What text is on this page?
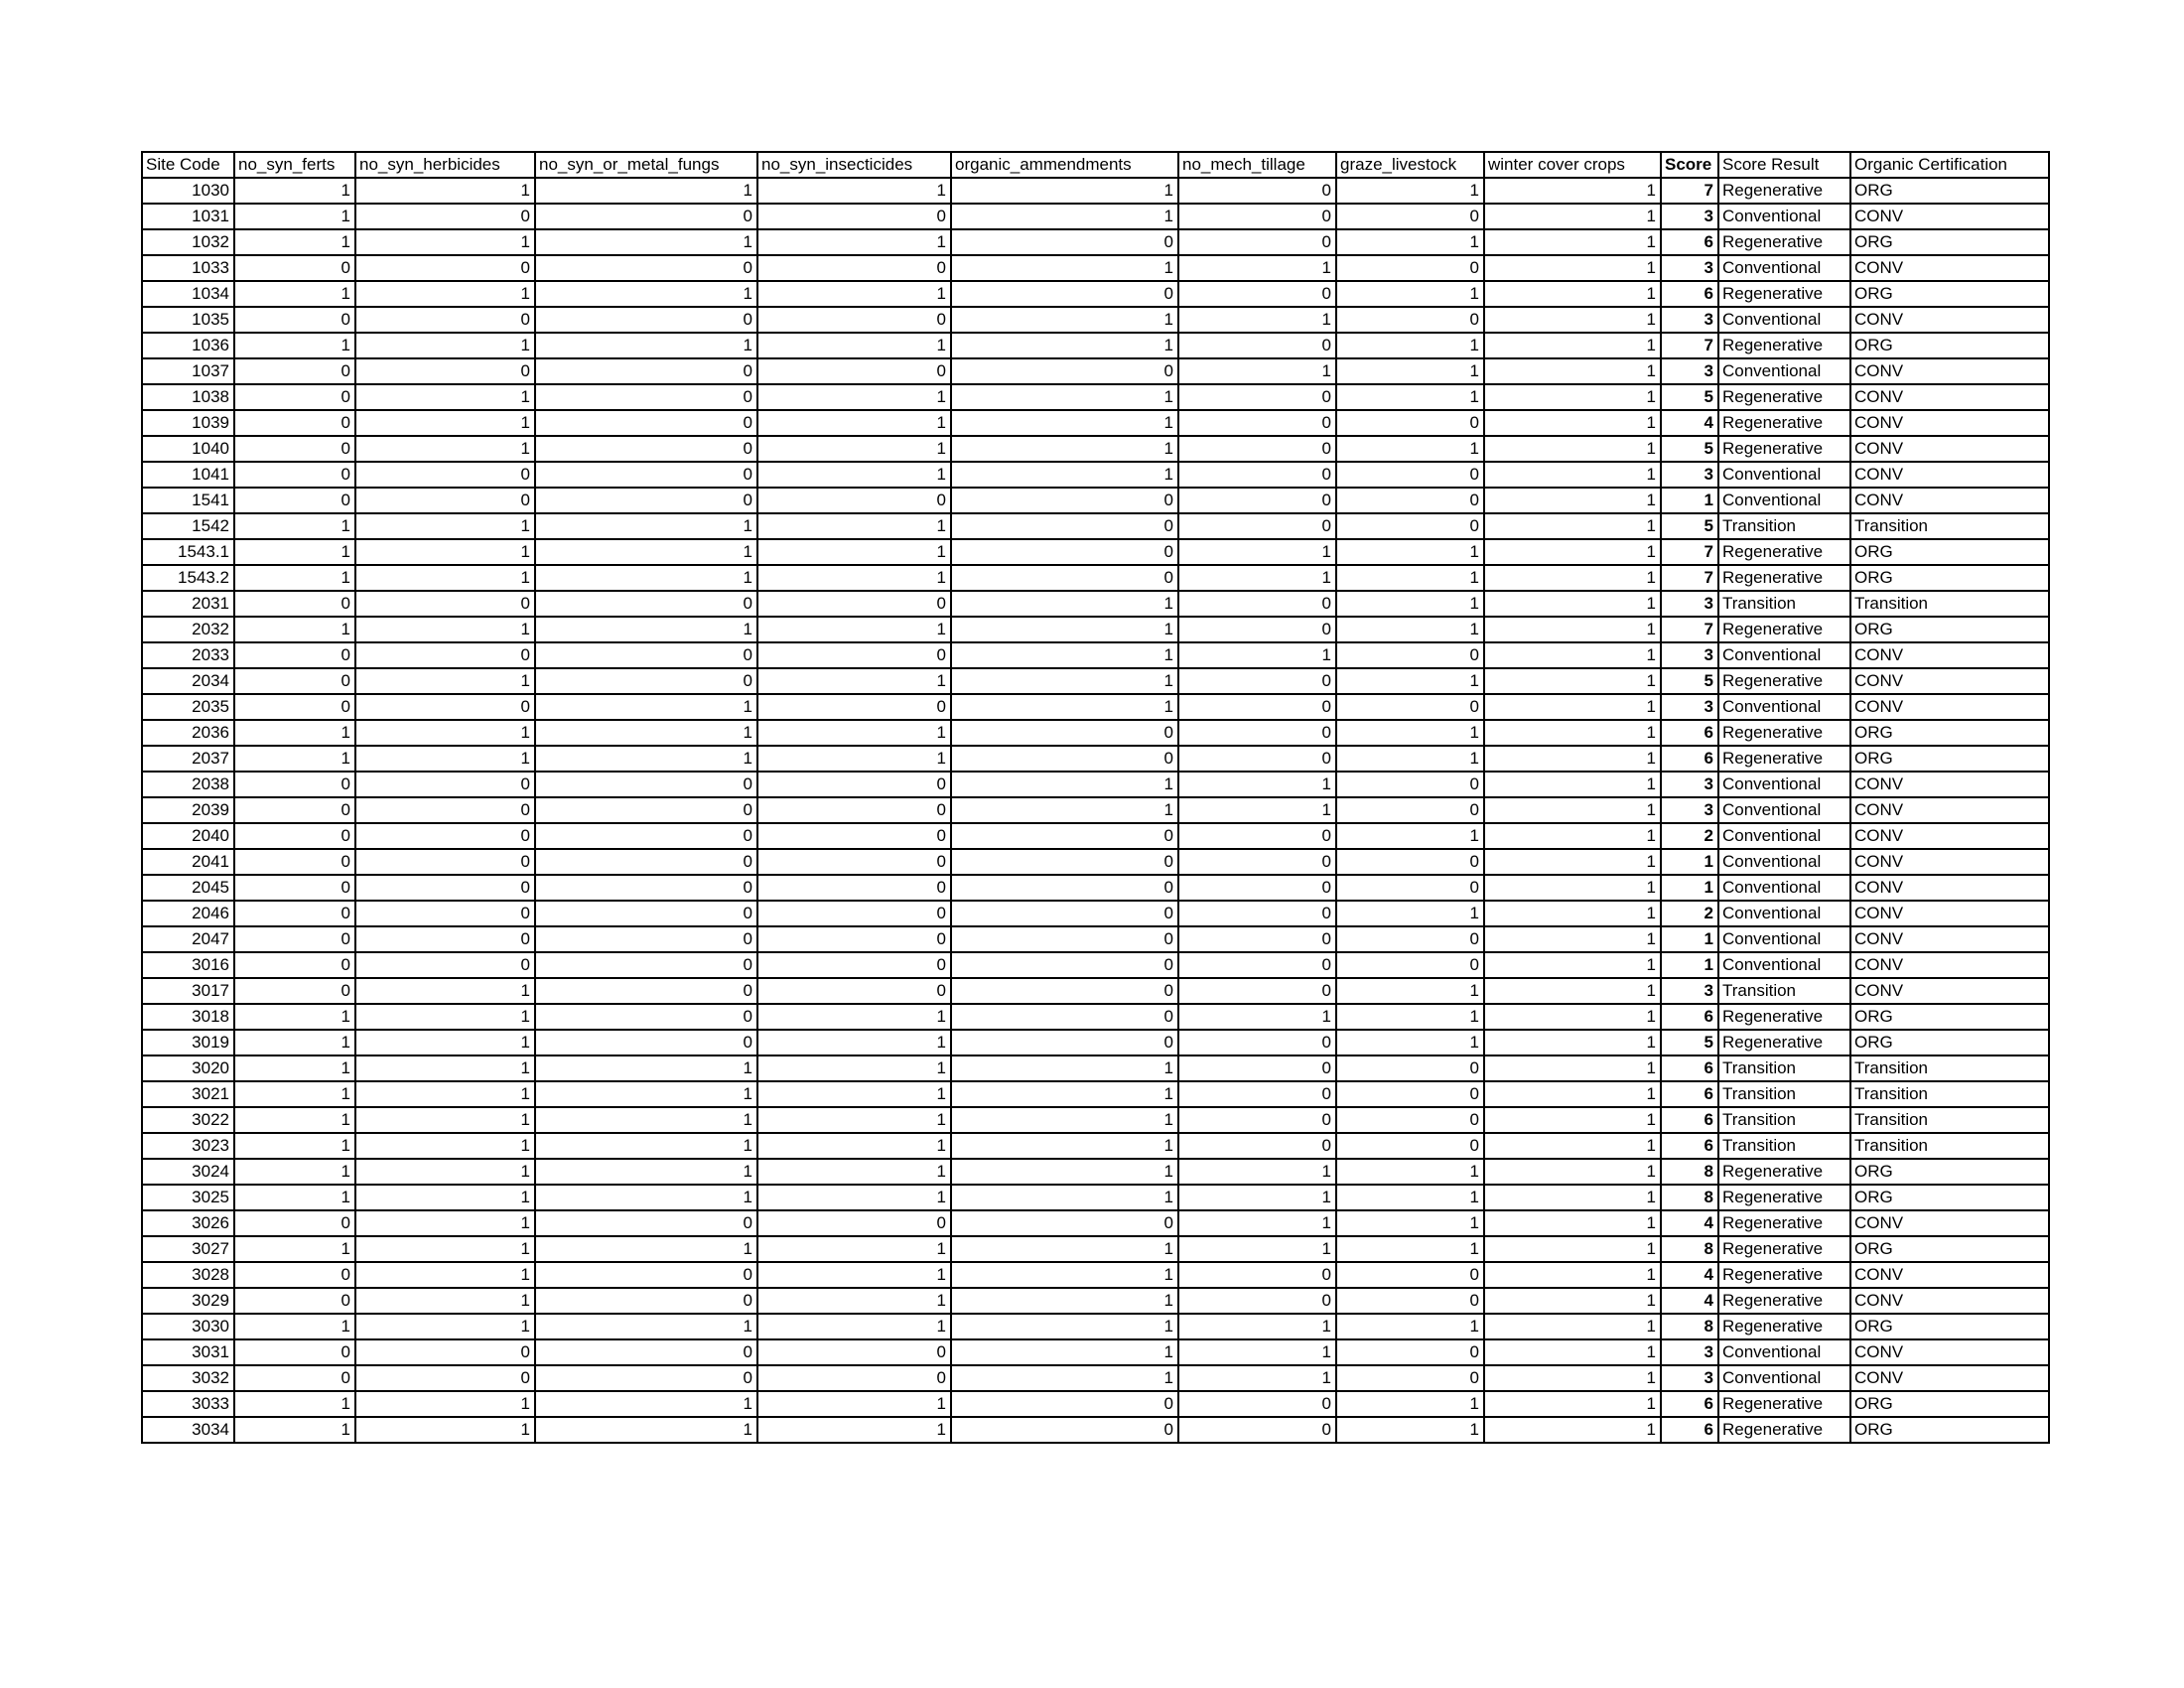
Site Code	no_syn_ferts	no_syn_herbicides	no_syn_or_metal_fungs	no_syn_insecticides	organic_ammendments	no_mech_tillage	graze_livestock	winter cover crops	Score	Score Result	Organic Certification
1030	1	1	1	1	1	0	1	1	7	Regenerative	ORG
1031	1	0	0	0	1	0	0	1	3	Conventional	CONV
1032	1	1	1	1	0	0	1	1	6	Regenerative	ORG
1033	0	0	0	0	1	1	0	1	3	Conventional	CONV
1034	1	1	1	1	0	0	1	1	6	Regenerative	ORG
1035	0	0	0	0	1	1	0	1	3	Conventional	CONV
1036	1	1	1	1	1	0	1	1	7	Regenerative	ORG
1037	0	0	0	0	0	1	1	1	3	Conventional	CONV
1038	0	1	0	1	1	0	1	1	5	Regenerative	CONV
1039	0	1	0	1	1	0	0	1	4	Regenerative	CONV
1040	0	1	0	1	1	0	1	1	5	Regenerative	CONV
1041	0	0	0	1	1	0	0	1	3	Conventional	CONV
1541	0	0	0	0	0	0	0	1	1	Conventional	CONV
1542	1	1	1	1	0	0	0	1	5	Transition	Transition
1543.1	1	1	1	1	0	1	1	1	7	Regenerative	ORG
1543.2	1	1	1	1	0	1	1	1	7	Regenerative	ORG
2031	0	0	0	0	1	0	1	1	3	Transition	Transition
2032	1	1	1	1	1	0	1	1	7	Regenerative	ORG
2033	0	0	0	0	1	1	0	1	3	Conventional	CONV
2034	0	1	0	1	1	0	1	1	5	Regenerative	CONV
2035	0	0	1	0	1	0	0	1	3	Conventional	CONV
2036	1	1	1	1	0	0	1	1	6	Regenerative	ORG
2037	1	1	1	1	0	0	1	1	6	Regenerative	ORG
2038	0	0	0	0	1	1	0	1	3	Conventional	CONV
2039	0	0	0	0	1	1	0	1	3	Conventional	CONV
2040	0	0	0	0	0	0	1	1	2	Conventional	CONV
2041	0	0	0	0	0	0	0	1	1	Conventional	CONV
2045	0	0	0	0	0	0	0	1	1	Conventional	CONV
2046	0	0	0	0	0	0	1	1	2	Conventional	CONV
2047	0	0	0	0	0	0	0	1	1	Conventional	CONV
3016	0	0	0	0	0	0	0	1	1	Conventional	CONV
3017	0	1	0	0	0	0	1	1	3	Transition	CONV
3018	1	1	0	1	0	1	1	1	6	Regenerative	ORG
3019	1	1	0	1	0	0	1	1	5	Regenerative	ORG
3020	1	1	1	1	1	0	0	1	6	Transition	Transition
3021	1	1	1	1	1	0	0	1	6	Transition	Transition
3022	1	1	1	1	1	0	0	1	6	Transition	Transition
3023	1	1	1	1	1	0	0	1	6	Transition	Transition
3024	1	1	1	1	1	1	1	1	8	Regenerative	ORG
3025	1	1	1	1	1	1	1	1	8	Regenerative	ORG
3026	0	1	0	0	0	1	1	1	4	Regenerative	CONV
3027	1	1	1	1	1	1	1	1	8	Regenerative	ORG
3028	0	1	0	1	1	0	0	1	4	Regenerative	CONV
3029	0	1	0	1	1	0	0	1	4	Regenerative	CONV
3030	1	1	1	1	1	1	1	1	8	Regenerative	ORG
3031	0	0	0	0	1	1	0	1	3	Conventional	CONV
3032	0	0	0	0	1	1	0	1	3	Conventional	CONV
3033	1	1	1	1	0	0	1	1	6	Regenerative	ORG
3034	1	1	1	1	0	0	1	1	6	Regenerative	ORG
